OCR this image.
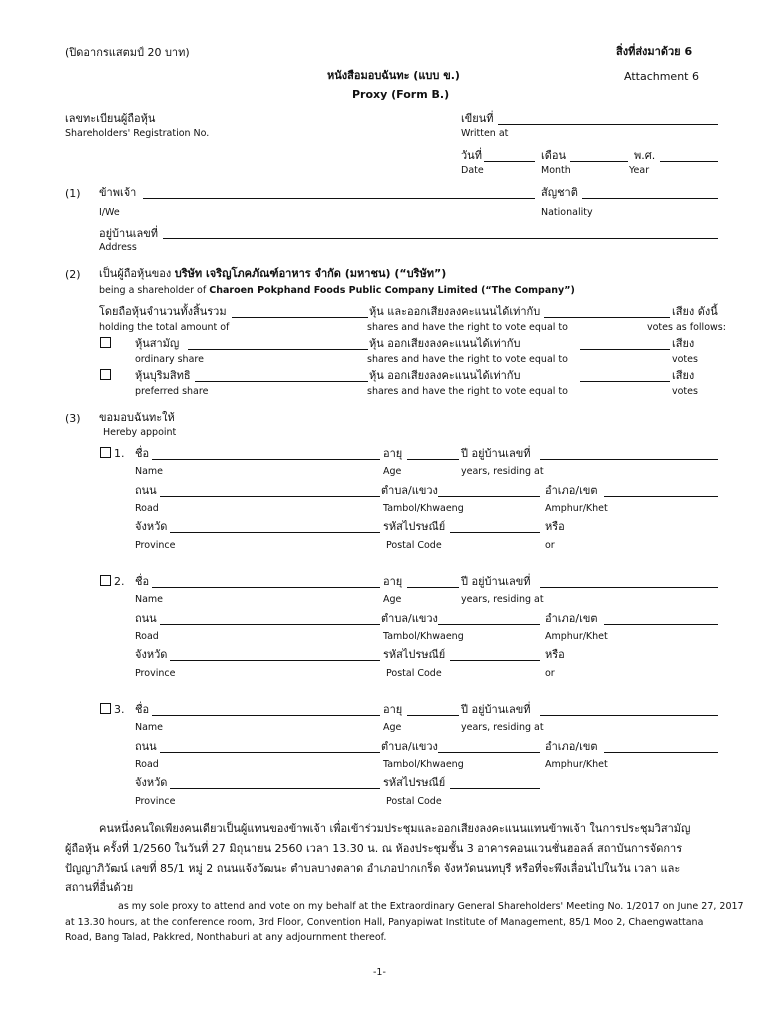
(ปิดอากรแสตมป์ 20 บาท)	สิ่งที่ส่งมาด้วย 6
หนังสือมอบฉันทะ (แบบ ข.)	Attachment 6
Proxy (Form B.)
เลขทะเบียนผู้ถือหุ้น
Shareholders' Registration No.
เขียนที่
Written at
วันที่	เดือน	พ.ศ.
Date	Month	Year
(1) ข้าพเจ้า	สัญชาติ
I/We	Nationality
อยู่บ้านเลขที่
Address
(2) เป็นผู้ถือหุ้นของ บริษัท เจริญโภคภัณฑ์อาหาร จำกัด (มหาชน) (“บริษัท”)
being a shareholder of Charoen Pokphand Foods Public Company Limited (“The Company”)
โดยถือหุ้นจำนวนทั้งสิ้นรวม	หุ้น และออกเสียงลงคะแนนได้เท่ากับ	เสียง ดังนี้
holding the total amount of	shares and have the right to vote equal to	votes as follows:
หุ้นสามัญ	หุ้น ออกเสียงลงคะแนนได้เท่ากับ	เสียง
ordinary share	shares and have the right to vote equal to	votes
หุ้นบุริมสิทธิ	หุ้น ออกเสียงลงคะแนนได้เท่ากับ	เสียง
preferred share	shares and have the right to vote equal to	votes
(3) ขอมอบฉันทะให้
Hereby appoint
1. ชื่อ	อายุ	ปี อยู่บ้านเลขที่
Name	Age	years, residing at
ถนน	ตำบล/แขวง	อำเภอ/เขต
Road	Tambol/Khwaeng	Amphur/Khet
จังหวัด	รหัสไปรษณีย์	หรือ
Province	Postal Code	or
2. ชื่อ	อายุ	ปี อยู่บ้านเลขที่
Name	Age	years, residing at
ถนน	ตำบล/แขวง	อำเภอ/เขต
Road	Tambol/Khwaeng	Amphur/Khet
จังหวัด	รหัสไปรษณีย์	หรือ
Province	Postal Code	or
3. ชื่อ	อายุ	ปี อยู่บ้านเลขที่
Name	Age	years, residing at
ถนน	ตำบล/แขวง	อำเภอ/เขต
Road	Tambol/Khwaeng	Amphur/Khet
จังหวัด	รหัสไปรษณีย์
Province	Postal Code
คนหนึ่งคนใดเพียงคนเดียวเป็นผู้แทนของข้าพเจ้า เพื่อเข้าร่วมประชุมและออกเสียงลงคะแนนแทนข้าพเจ้า ในการประชุมวิสามัญ
ผู้ถือหุ้น ครั้งที่ 1/2560 ในวันที่ 27 มิถุนายน 2560 เวลา 13.30 น. ณ ห้องประชุมชั้น 3 อาคารคอนแวนชั่นฮอลล์ สถาบันการจัดการ
ปัญญาภิวัฒน์ เลขที่ 85/1 หมู่ 2 ถนนแจ้งวัฒนะ ตำบลบางตลาด อำเภอปากเกร็ด จังหวัดนนทบุรี หรือที่จะพึงเลื่อนไปในวัน เวลา และ
สถานที่อื่นด้วย
as my sole proxy to attend and vote on my behalf at the Extraordinary General Shareholders' Meeting No. 1/2017 on June 27, 2017
at 13.30 hours, at the conference room, 3rd Floor, Convention Hall, Panyapiwat Institute of Management, 85/1 Moo 2, Chaengwattana
Road, Bang Talad, Pakkred, Nonthaburi at any adjournment thereof.
-1-
